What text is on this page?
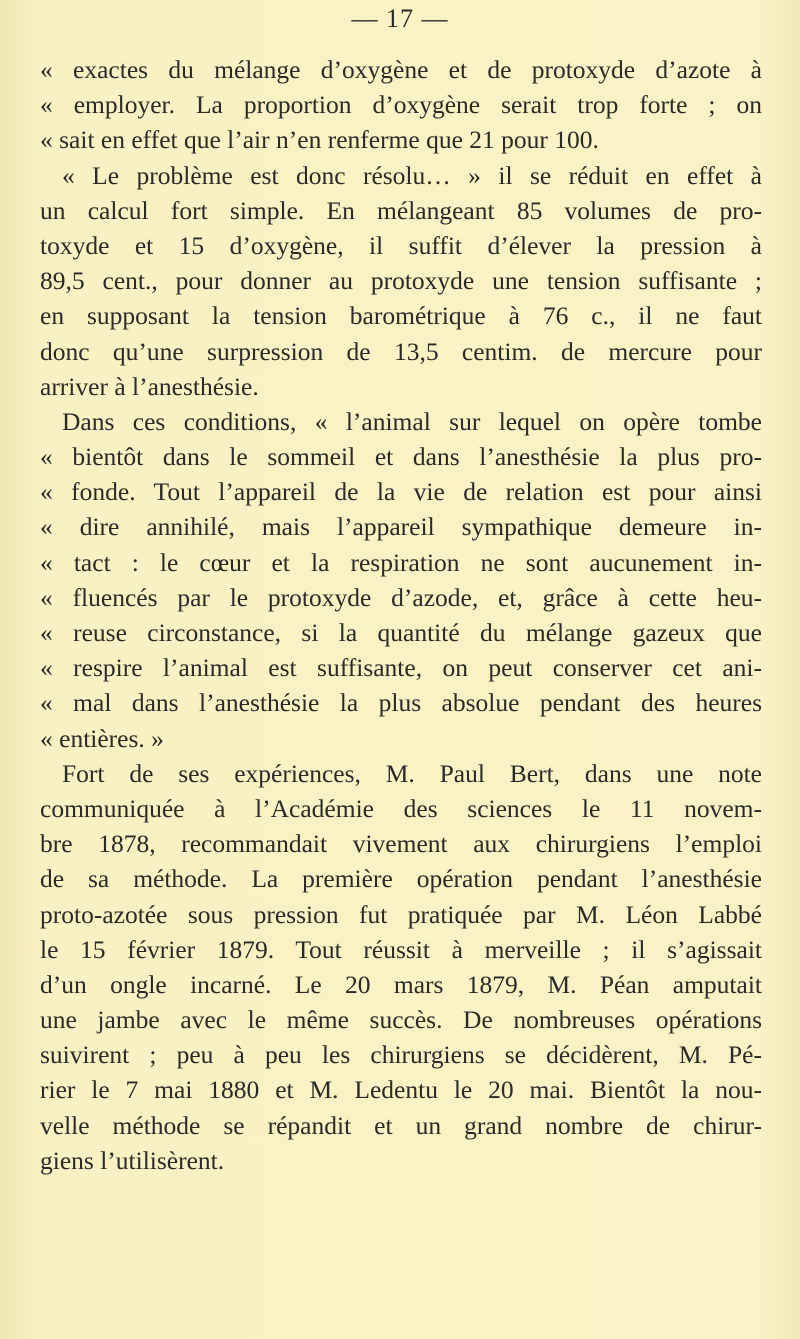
— 17 —
« exactes du mélange d’oxygène et de protoxyde d’azote à
« employer. La proportion d’oxygène serait trop forte ; on
« sait en effet que l’air n’en renferme que 21 pour 100.
« Le problème est donc résolu… » il se réduit en effet à
un calcul fort simple. En mélangeant 85 volumes de pro-
toxyde et 15 d’oxygène, il suffit d’élever la pression à
89,5 cent., pour donner au protoxyde une tension suffisante ;
en supposant la tension barométrique à 76 c., il ne faut
donc qu’une surpression de 13,5 centim. de mercure pour
arriver à l’anesthésie.
Dans ces conditions, « l’animal sur lequel on opère tombe
« bientôt dans le sommeil et dans l’anesthésie la plus pro-
« fonde. Tout l’appareil de la vie de relation est pour ainsi
« dire annihilé, mais l’appareil sympathique demeure in-
« tact : le cœur et la respiration ne sont aucunement in-
« fluencés par le protoxyde d’azode, et, grâce à cette heu-
« reuse circonstance, si la quantité du mélange gazeux que
« respire l’animal est suffisante, on peut conserver cet ani-
« mal dans l’anesthésie la plus absolue pendant des heures
« entières. »
Fort de ses expériences, M. Paul Bert, dans une note
communiquée à l’Académie des sciences le 11 novem-
bre 1878, recommandait vivement aux chirurgiens l’emploi
de sa méthode. La première opération pendant l’anesthésie
proto-azotée sous pression fut pratiquée par M. Léon Labbé
le 15 février 1879. Tout réussit à merveille ; il s’agissait
d’un ongle incarné. Le 20 mars 1879, M. Péan amputait
une jambe avec le même succès. De nombreuses opérations
suivirent ; peu à peu les chirurgiens se décidèrent, M. Pé-
rier le 7 mai 1880 et M. Ledentu le 20 mai. Bientôt la nou-
velle méthode se répandit et un grand nombre de chirur-
giens l’utilisèrent.
